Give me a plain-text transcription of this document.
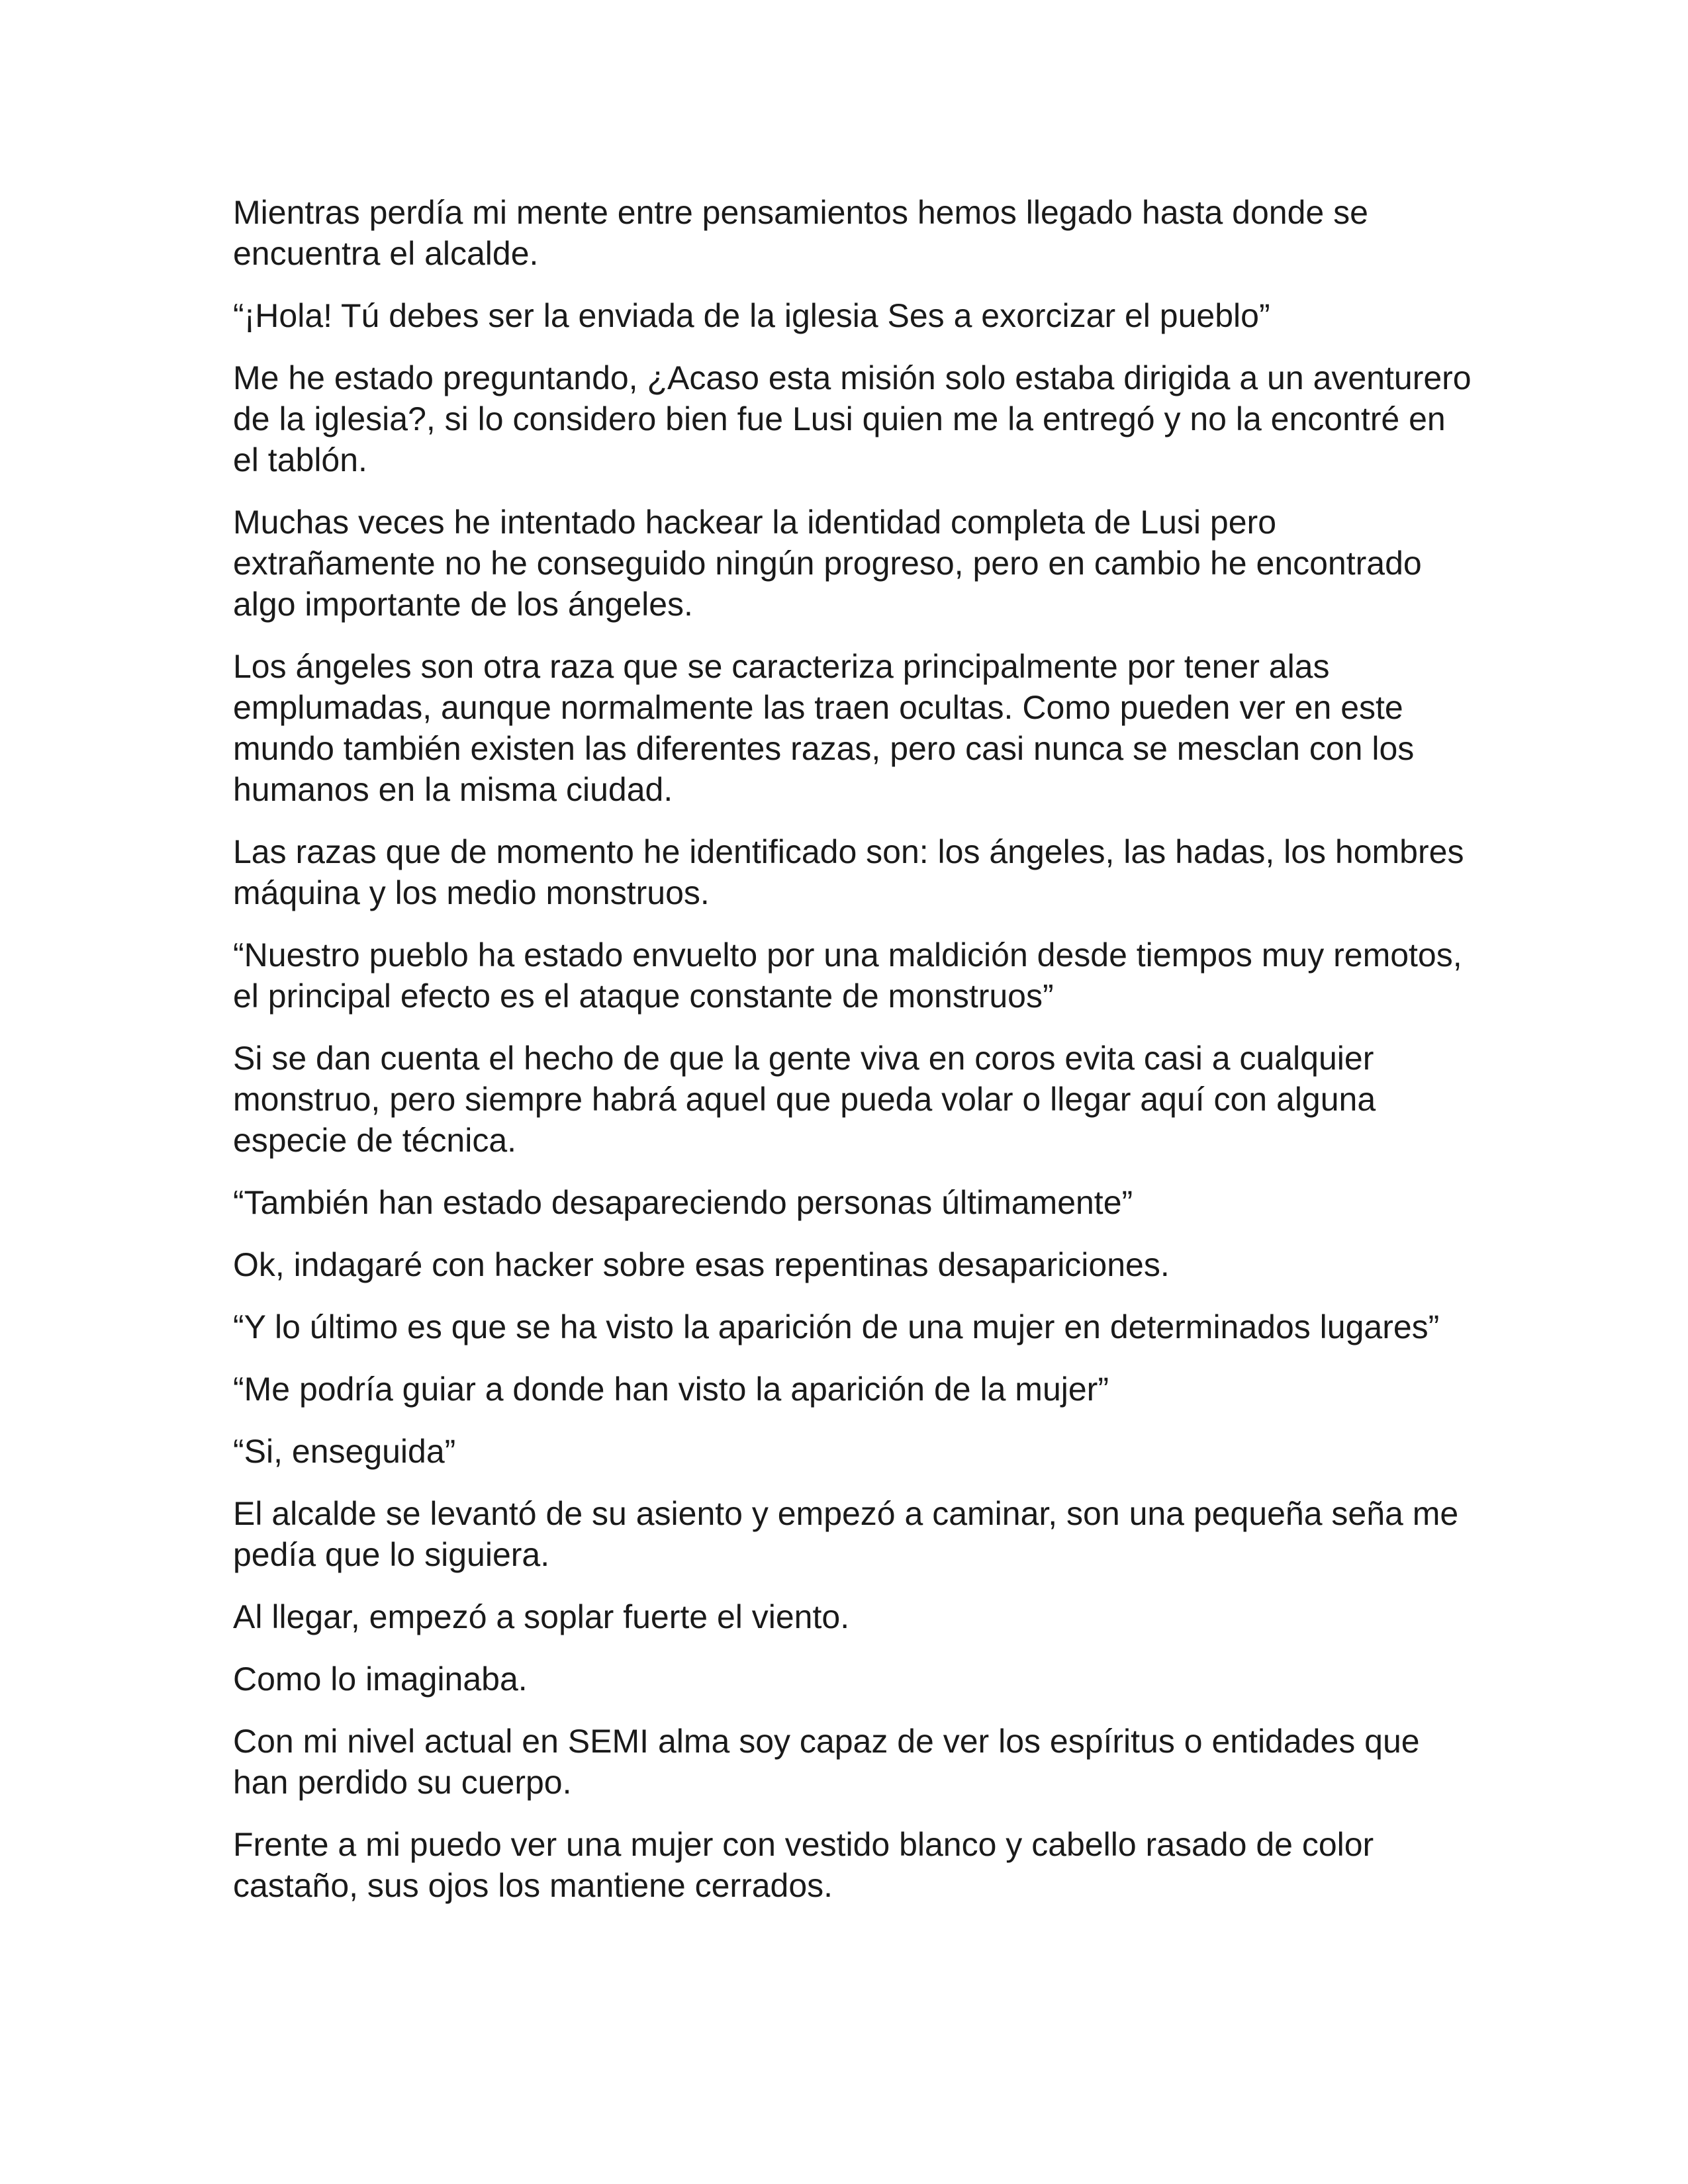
Mientras perdía mi mente entre pensamientos hemos llegado hasta donde se encuentra el alcalde.

“¡Hola! Tú debes ser la enviada de la iglesia Ses a exorcizar el pueblo”

Me he estado preguntando, ¿Acaso esta misión solo estaba dirigida a un aventurero de la iglesia?, si lo considero bien fue Lusi quien me la entregó y no la encontré en el tablón.

Muchas veces he intentado hackear la identidad completa de Lusi pero extrañamente no he conseguido ningún progreso, pero en cambio he encontrado algo importante de los ángeles.

Los ángeles son otra raza que se caracteriza principalmente por tener alas emplumadas, aunque normalmente las traen ocultas. Como pueden ver en este mundo también existen las diferentes razas, pero casi nunca se mesclan con los humanos en la misma ciudad.

Las razas que de momento he identificado son: los ángeles, las hadas, los hombres máquina y los medio monstruos.

“Nuestro pueblo ha estado envuelto por una maldición desde tiempos muy remotos, el principal efecto es el ataque constante de monstruos”

Si se dan cuenta el hecho de que la gente viva en coros evita casi a cualquier monstruo, pero siempre habrá aquel que pueda volar o llegar aquí con alguna especie de técnica.

“También han estado desapareciendo personas últimamente”

Ok, indagaré con hacker sobre esas repentinas desapariciones.

“Y lo último es que se ha visto la aparición de una mujer en determinados lugares”

“Me podría guiar a donde han visto la aparición de la mujer”

“Si, enseguida”

El alcalde se levantó de su asiento y empezó a caminar, son una pequeña seña me pedía que lo siguiera.

Al llegar, empezó a soplar fuerte el viento.

Como lo imaginaba.

Con mi nivel actual en SEMI alma soy capaz de ver los espíritus o entidades que han perdido su cuerpo.

Frente a mi puedo ver una mujer con vestido blanco y cabello rasado de color castaño, sus ojos los mantiene cerrados.
